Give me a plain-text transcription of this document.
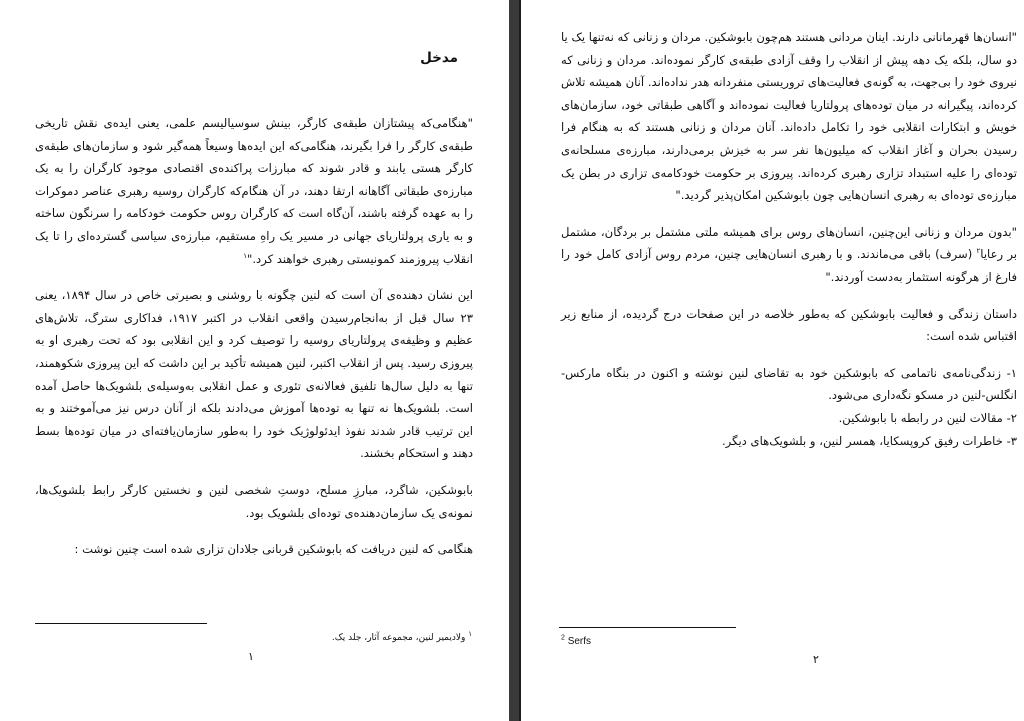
مدخل

"هنگامی‌که پیشتازان طبقه‌ی کارگر، بینش سوسیالیسم علمی، یعنی ایده‌ی نقش تاریخی طبقه‌ی کارگر را فرا بگیرند، هنگامی‌که این ایده‌ها وسیعاً همه‌گیر شود و سازمان‌های طبقه‌ی کارگر هستی یابند و قادر شوند که مبارزات پراکنده‌ی اقتصادی موجود کارگران را به یک مبارزه‌ی طبقاتی آگاهانه ارتقا دهند، در آن هنگام‌که کارگران روسیه رهبری عناصر دموکرات را به عهده گرفته باشند، آن‌گاه است که کارگران روس حکومت خودکامه را سرنگون ساخته و به یاری پرولتاریای جهانی در مسیر یک راهِ مستقیم، مبارزه‌ی سیاسی گسترده‌ای را تا یک انقلاب پیروزمند کمونیستی رهبری خواهند کرد."$^١$

این نشان دهنده‌ی آن است که لنین چگونه با روشنی و بصیرتی خاص در سال ١٨٩۴، یعنی ٢٣ سال قبل از به‌انجام‌رسیدن واقعی انقلاب در اکتبر ١٩١٧، فداکاری سترگ، تلاش‌های عظیم و وظیفه‌ی پرولتاریای روسیه را توصیف کرد و این انقلابی بود که تحت رهبری او به پیروزی رسید. پس از انقلاب اکتبر، لنین همیشه تأکید بر این داشت که این پیروزی شکوهمند، تنها به دلیل سال‌ها تلفیق فعالانه‌ی تئوری و عمل انقلابی به‌وسیله‌ی بلشویک‌ها حاصل آمده است. بلشویک‌ها نه تنها به توده‌ها آموزش می‌دادند بلکه از آنان درس نیز می‌آموختند و به این ترتیب قادر شدند نفوذ ایدئولوژیک خود را به‌طور سازمان‌یافته‌ای در میان توده‌ها بسط دهند و استحکام بخشند.

بابوشکین، شاگرد، مبارزِ مسلح، دوستِ شخصی لنین و نخستین کارگر رابط بلشویک‌ها، نمونه‌ی یک سازمان‌دهنده‌ی توده‌ای بلشویک بود.

هنگامی که لنین دریافت که بابوشکین قربانی جلادان تزاری شده است چنین نوشت :

$^١$ ولادیمیر لنین، مجموعه آثار، جلد یک.
١

"انسان‌ها قهرمانانی دارند. اینان مردانی هستند هم‌چون بابوشکین. مردان و زنانی که نه‌تنها یک یا دو سال، بلکه یک دهه پیش از انقلاب را وقف آزادی طبقه‌ی کارگر نموده‌اند. مردان و زنانی که نیروی خود را بی‌جهت، به گونه‌ی فعالیت‌های تروریستی منفردانه هدر نداده‌اند. آنان همیشه تلاش کرده‌اند، پیگیرانه در میان توده‌های پرولتاریا فعالیت نموده‌اند و آگاهی طبقاتی خود، سازمان‌های خویش و ابتکارات انقلابی خود را تکامل داده‌اند. آنان مردان و زنانی هستند که به هنگام فرا رسیدن بحران و آغاز انقلاب که میلیون‌ها نفر سر به خیزش برمی‌دارند، مبارزه‌ی مسلحانه‌ی توده‌ای را علیه استبداد تزاری رهبری کرده‌اند. پیروزی بر حکومت خودکامه‌ی تزاری در بطن یک مبارزه‌ی توده‌ای به رهبری انسان‌هایی چون بابوشکین امکان‌پذیر گردید."

"بدون مردان و زنانی این‌چنین، انسان‌های روس برای همیشه ملتی مشتمل بر بردگان، مشتمل بر رعایا$^٢$ (سرف) باقی می‌ماندند. و با رهبری انسان‌هایی چنین، مردم روس آزادی کامل خود را فارغ از هرگونه استثمار به‌دست آوردند."

داستان زندگی و فعالیت بابوشکین که به‌طور خلاصه در این صفحات درج گردیده، از منابع زیر اقتباس شده است:

١- زندگی‌نامه‌ی ناتمامی که بابوشکین خود به تقاضای لنین نوشته و اکنون در بنگاه مارکس-انگلس-لنین در مسکو نگه‌داری می‌شود.

٢- مقالات لنین در رابطه با بابوشکین.

٣- خاطرات رفیق کروپسکایا، همسر لنین، و بلشویک‌های دیگر.

$^2$ Serfs
٢
